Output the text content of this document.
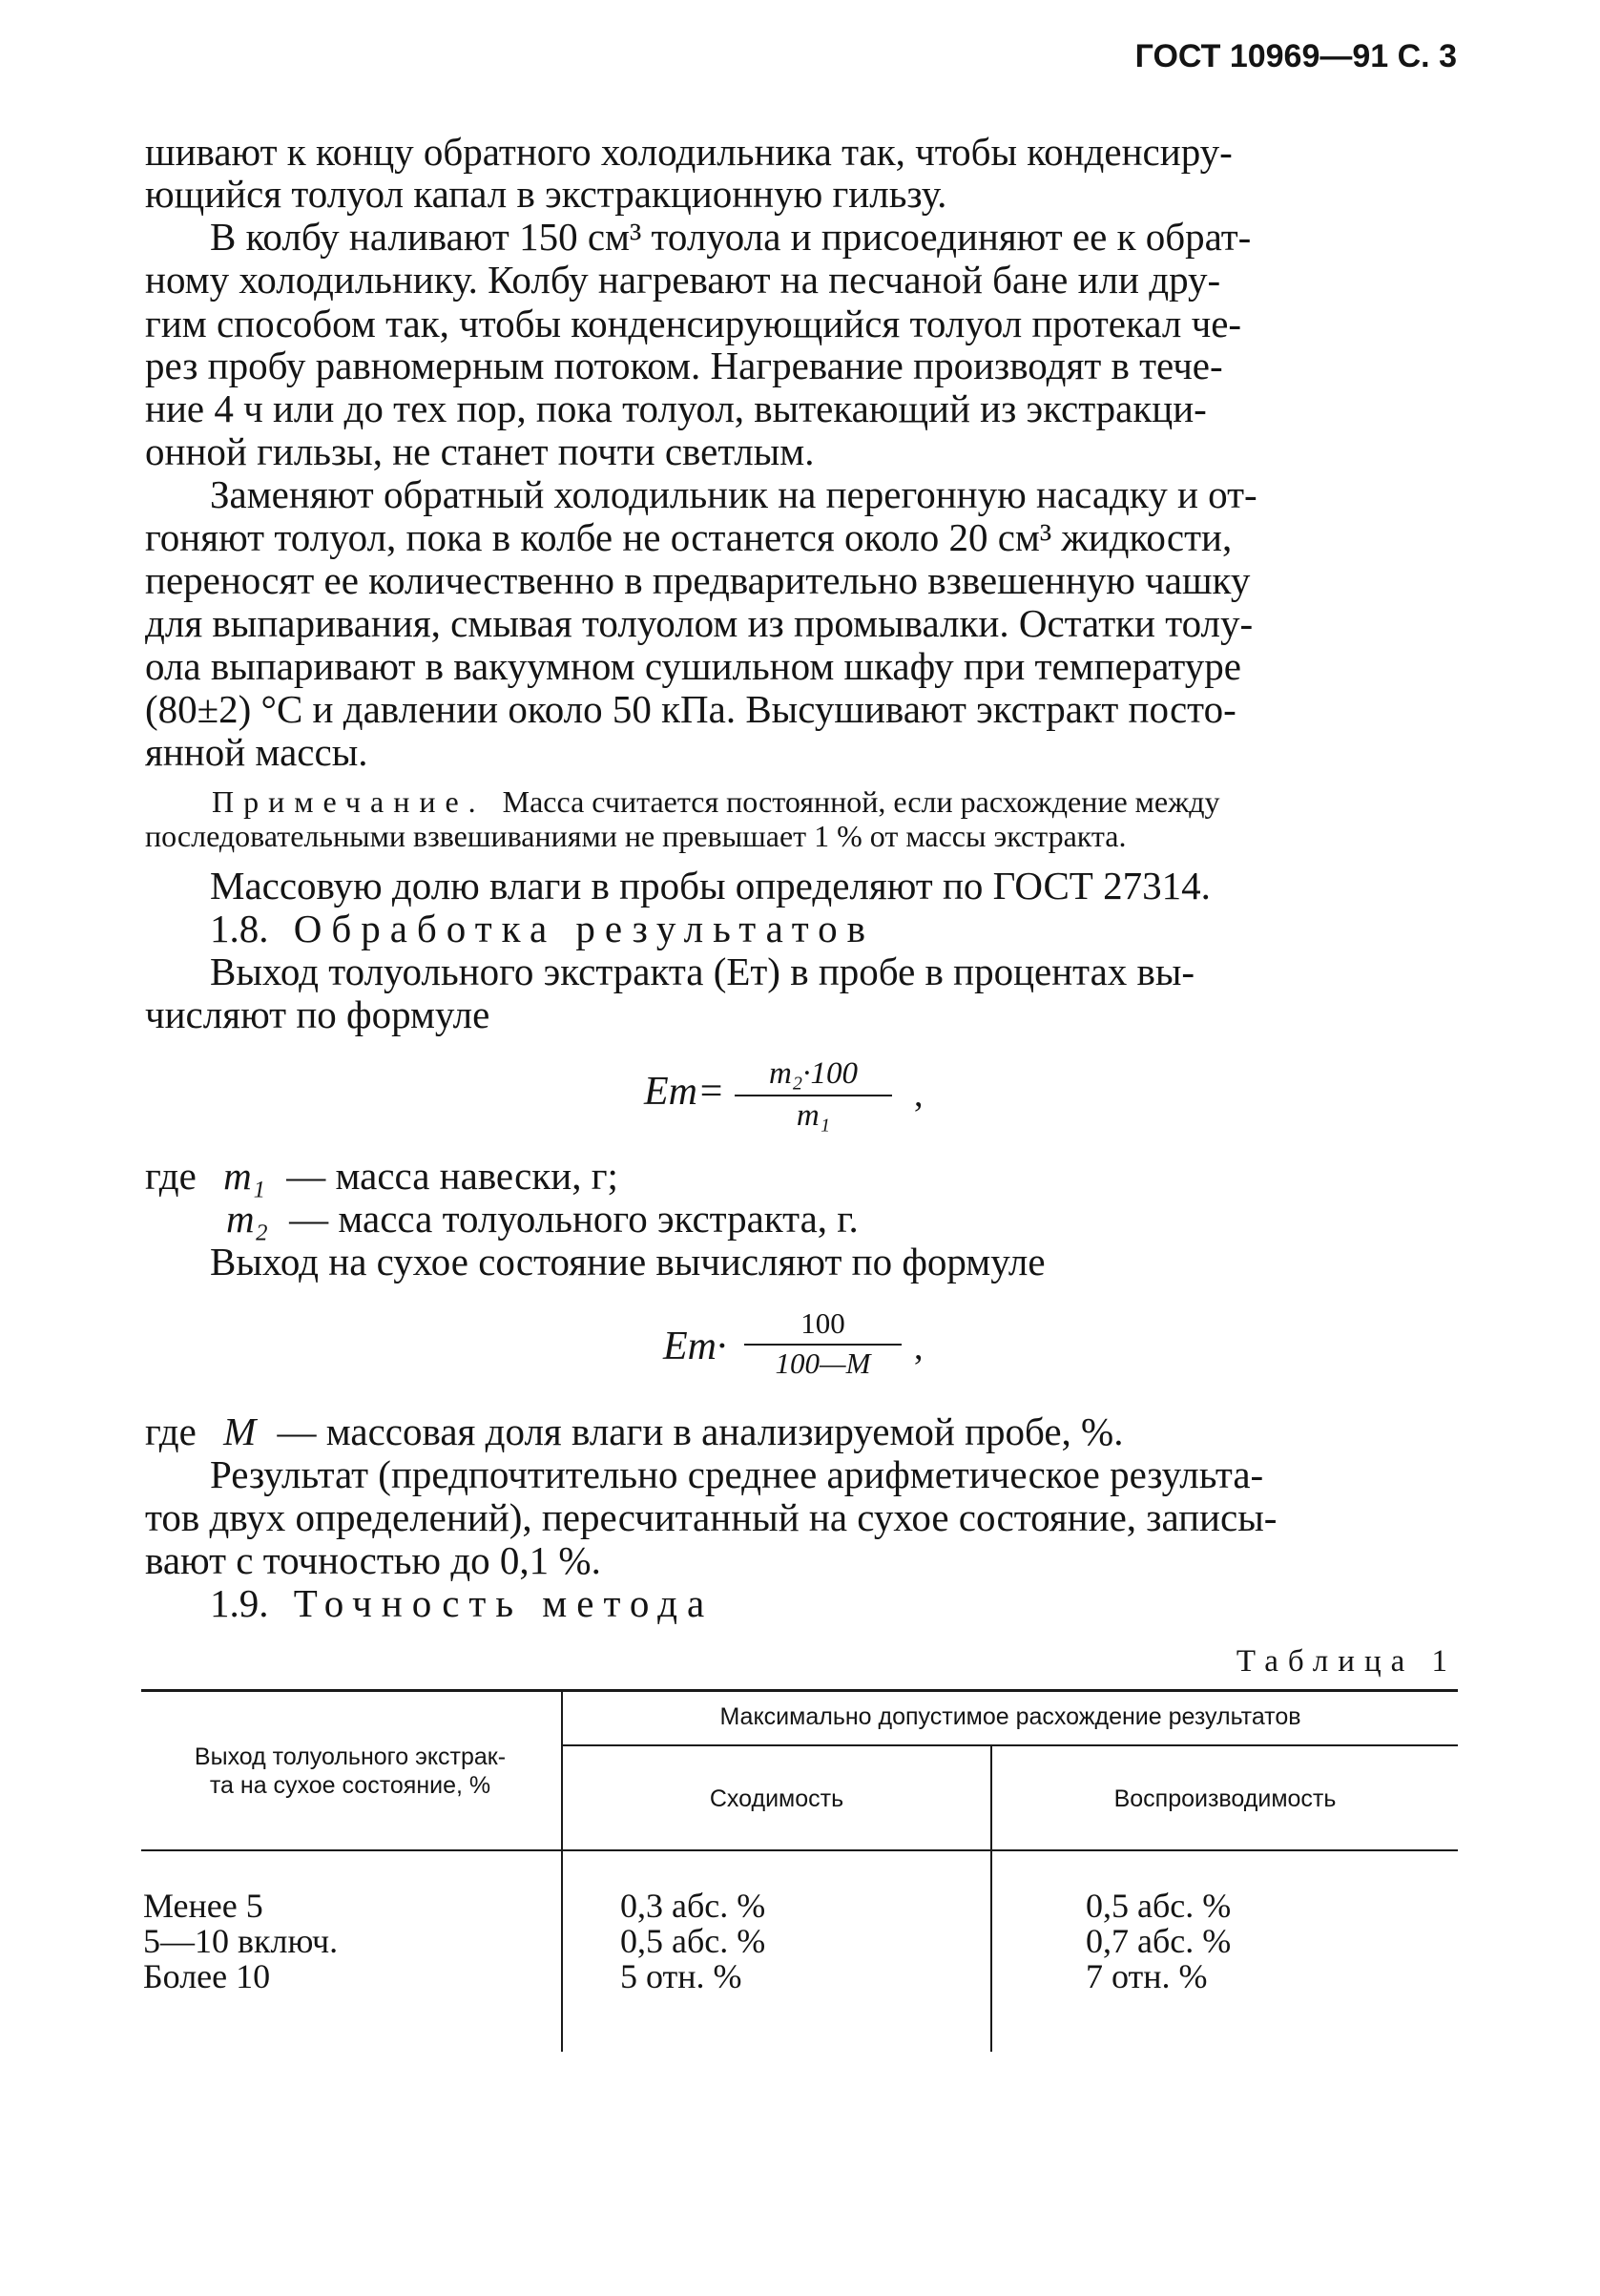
ГОСТ 10969—91 С. 3
шивают к концу обратного холодильника так, чтобы конденсиру-
ющийся толуол капал в экстракционную гильзу.
В колбу наливают 150 см³ толуола и присоединяют ее к обрат-
ному холодильнику. Колбу нагревают на песчаной бане или дру-
гим способом так, чтобы конденсирующийся толуол протекал че-
рез пробу равномерным потоком. Нагревание производят в тече-
ние 4 ч или до тех пор, пока толуол, вытекающий из экстракци-
онной гильзы, не станет почти светлым.
Заменяют обратный холодильник на перегонную насадку и от-
гоняют толуол, пока в колбе не останется около 20 см³ жидкости,
переносят ее количественно в предварительно взвешенную чашку
для выпаривания, смывая толуолом из промывалки. Остатки толу-
ола выпаривают в вакуумном сушильном шкафу при температуре
(80±2) °С и давлении около 50 кПа. Высушивают экстракт посто-
янной массы.
Примечание. Масса считается постоянной, если расхождение между
последовательными взвешиваниями не превышает 1 % от массы экстракта.
Массовую долю влаги в пробы определяют по ГОСТ 27314.
1.8. Обработка результатов
Выход толуольного экстракта (Eт) в пробе в процентах вы-
числяют по формуле
Eт=	m₂·100
m₁
,
где m₁ — масса навески, г;
m₂ — масса толуольного экстракта, г.
Выход на сухое состояние вычисляют по формуле
Eт·
100
100—M	,
где M — массовая доля влаги в анализируемой пробе, %.
Результат (предпочтительно среднее арифметическое результа-
тов двух определений), пересчитанный на сухое состояние, записы-
вают с точностью до 0,1 %.
1.9. Точность метода
Таблица 1
Выход толуольного экстрак-
та на сухое состояние, %
Максимально допустимое расхождение результатов
Сходимость	Воспроизводимость
Менее 5	0,3 абс. %	0,5 абс. %
5—10 включ.	0,5 абс. %	0,7 абс. %
Более 10	5 отн. %	7 отн. %
